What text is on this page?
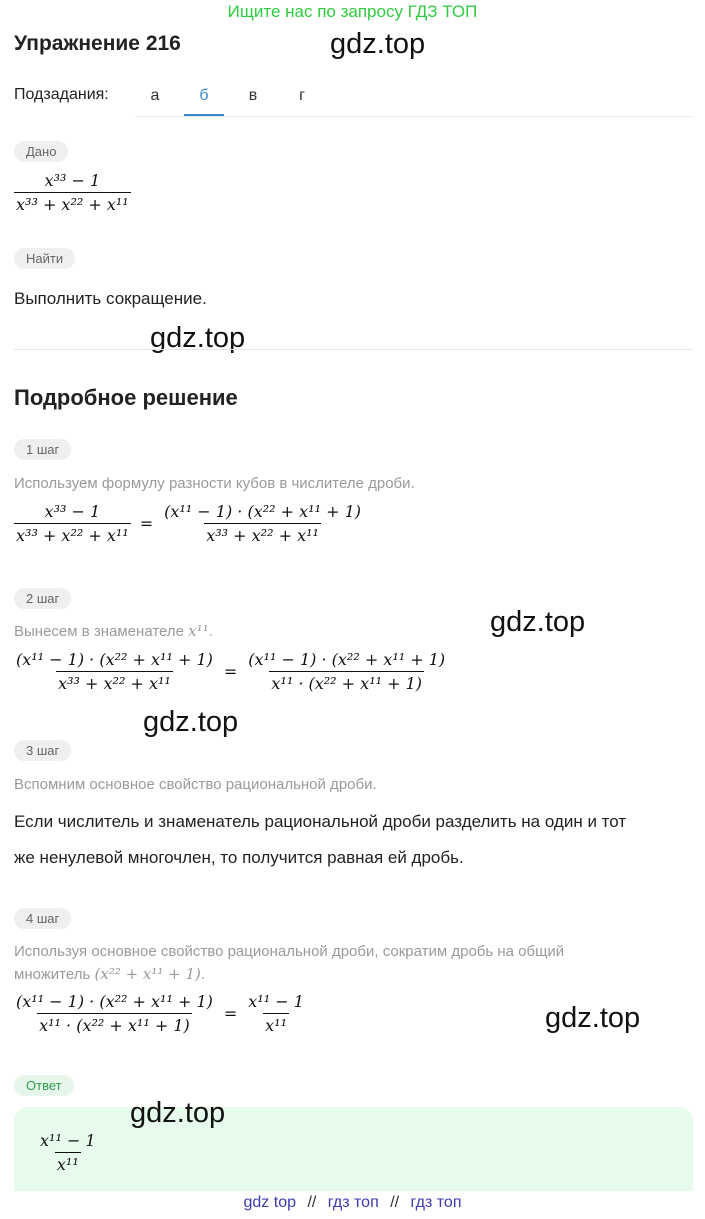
Ищите нас по запросу ГДЗ ТОП
Упражнение 216	gdz.top
Подзадания:	а	б	в	г
Дано
$\frac{\text{x³³ − 1}}{\text{x³³ + x²² + x¹¹}}$
Найти
Выполнить сокращение.
gdz.top
Подробное решение
1 шаг
Используем формулу разности кубов в числителе дроби.
$\frac{\text{x³³ − 1}}{\text{x³³ + x²² + x¹¹}} = \frac{\text{(x¹¹ − 1) · (x²² + x¹¹ + 1)}}{\text{x³³ + x²² + x¹¹}}$
2 шаг
Вынесем в знаменателе x¹¹.	gdz.top
$\frac{\text{(x¹¹ − 1) · (x²² + x¹¹ + 1)}}{\text{x³³ + x²² + x¹¹}} = \frac{\text{(x¹¹ − 1) · (x²² + x¹¹ + 1)}}{\text{x¹¹ · (x²² + x¹¹ + 1)}}$
gdz.top
3 шаг
Вспомним основное свойство рациональной дроби.
Если числитель и знаменатель рациональной дроби разделить на один и тот
же ненулевой многочлен, то получится равная ей дробь.
4 шаг
Используя основное свойство рациональной дроби, сократим дробь на общий
множитель (x²² + x¹¹ + 1).
$\frac{\text{(x¹¹ − 1) · (x²² + x¹¹ + 1)}}{\text{x¹¹ · (x²² + x¹¹ + 1)}} = \frac{\text{x¹¹ − 1}}{\text{x¹¹}}$	gdz.top
Ответ
$\frac{\text{x¹¹ − 1}}{\text{x¹¹}}$
gdz.top
gdz top // гдз топ // гдз топ
